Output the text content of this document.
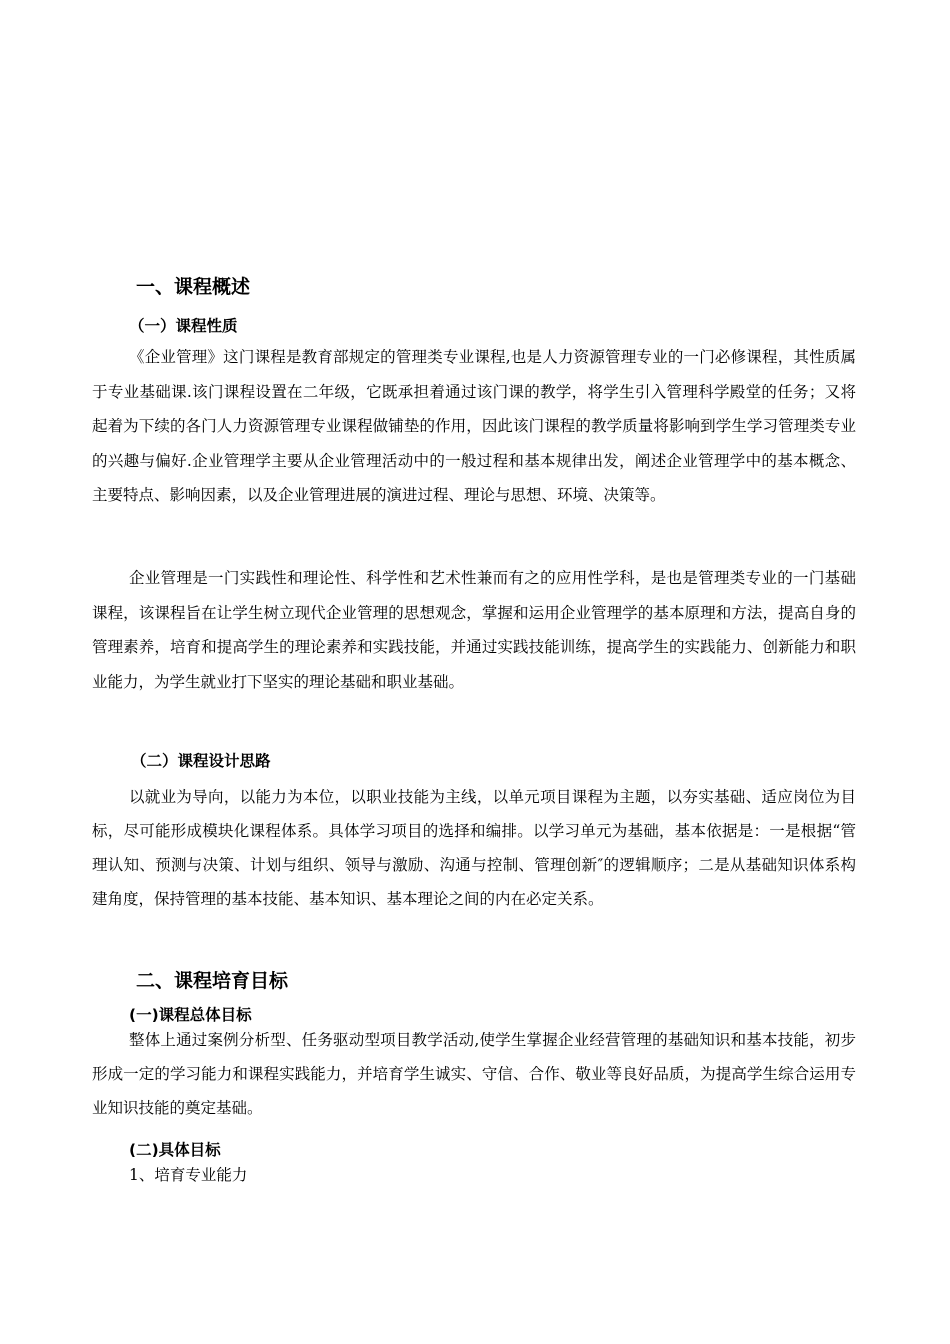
一、课程概述
（一）课程性质

《企业管理》这门课程是教育部规定的管理类专业课程,也是人力资源管理专业的一门必修课程，其性质属于专业基础课.该门课程设置在二年级，它既承担着通过该门课的教学，将学生引入管理科学殿堂的任务；又将起着为下续的各门人力资源管理专业课程做铺垫的作用，因此该门课程的教学质量将影响到学生学习管理类专业的兴趣与偏好.企业管理学主要从企业管理活动中的一般过程和基本规律出发，阐述企业管理学中的基本概念、主要特点、影响因素，以及企业管理进展的演进过程、理论与思想、环境、决策等。

企业管理是一门实践性和理论性、科学性和艺术性兼而有之的应用性学科，是也是管理类专业的一门基础课程，该课程旨在让学生树立现代企业管理的思想观念，掌握和运用企业管理学的基本原理和方法，提高自身的管理素养，培育和提高学生的理论素养和实践技能，并通过实践技能训练，提高学生的实践能力、创新能力和职业能力，为学生就业打下坚实的理论基础和职业基础。

（二）课程设计思路

以就业为导向，以能力为本位，以职业技能为主线，以单元项目课程为主题，以夯实基础、适应岗位为目标，尽可能形成模块化课程体系。具体学习项目的选择和编排。以学习单元为基础，基本依据是：一是根据“管理认知、预测与决策、计划与组织、领导与激励、沟通与控制、管理创新″的逻辑顺序；二是从基础知识体系构建角度，保持管理的基本技能、基本知识、基本理论之间的内在必定关系。

二、课程培育目标
(一)课程总体目标

整体上通过案例分析型、任务驱动型项目教学活动,使学生掌握企业经营管理的基础知识和基本技能，初步形成一定的学习能力和课程实践能力，并培育学生诚实、守信、合作、敬业等良好品质，为提高学生综合运用专业知识技能的奠定基础。

(二)具体目标

1、培育专业能力
